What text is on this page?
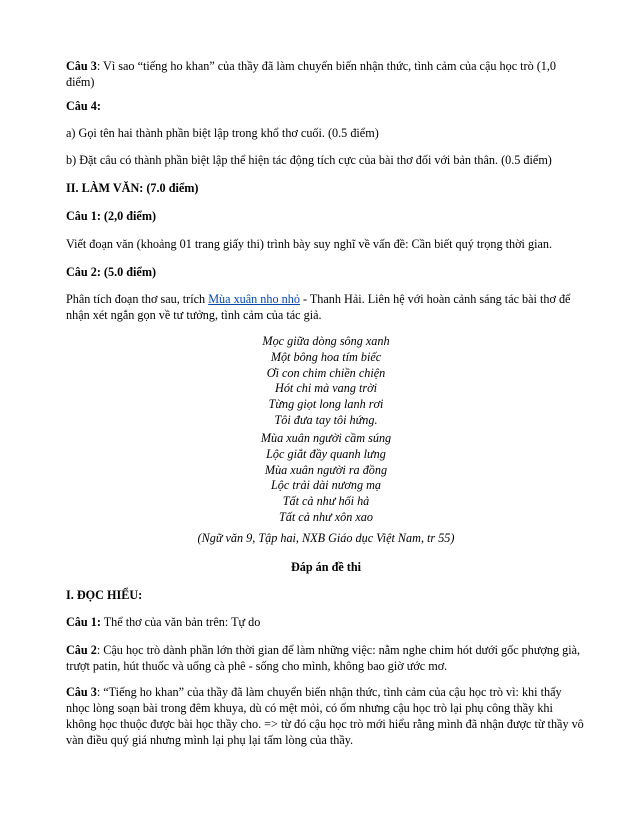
Câu 3: Vì sao “tiếng ho khan” của thầy đã làm chuyển biến nhận thức, tình cảm của cậu học trò (1,0 điểm)

Câu 4:

a) Gọi tên hai thành phần biệt lập trong khổ thơ cuối. (0.5 điểm)

b) Đặt câu có thành phần biệt lập thể hiện tác động tích cực của bài thơ đối với bản thân. (0.5 điểm)

II. LÀM VĂN: (7.0 điểm)

Câu 1: (2,0 điểm)

Viết đoạn văn (khoảng 01 trang giấy thi) trình bày suy nghĩ về vấn đề: Cần biết quý trọng thời gian.

Câu 2: (5.0 điểm)

Phân tích đoạn thơ sau, trích Mùa xuân nho nhỏ - Thanh Hải. Liên hệ với hoàn cảnh sáng tác bài thơ để nhận xét ngắn gọn về tư tưởng, tình cảm của tác giả.

Mọc giữa dòng sông xanh
Một bông hoa tím biếc
Ơi con chim chiền chiện
Hót chi mà vang trời
Từng giọt long lanh rơi
Tôi đưa tay tôi hứng.
Mùa xuân người cầm súng
Lộc giắt đầy quanh lưng
Mùa xuân người ra đồng
Lộc trải dài nương mạ
Tất cả như hối hả
Tất cả như xôn xao

(Ngữ văn 9, Tập hai, NXB Giáo dục Việt Nam, tr 55)

Đáp án đề thi

I. ĐỌC HIỂU:

Câu 1: Thể thơ của văn bản trên: Tự do

Câu 2: Cậu học trò dành phần lớn thời gian để làm những việc: nằm nghe chim hót dưới gốc phượng già, trượt patin, hút thuốc và uống cà phê - sống cho mình, không bao giờ ước mơ.

Câu 3: “Tiếng ho khan” của thầy đã làm chuyển biến nhận thức, tình cảm của cậu học trò vì: khi thấy nhọc lòng soạn bài trong đêm khuya, dù có mệt mỏi, có ốm nhưng cậu học trò lại phụ công thầy khi không học thuộc được bài học thầy cho. => từ đó cậu học trò mới hiểu rằng mình đã nhận được từ thầy vô vàn điều quý giá nhưng mình lại phụ lại tấm lòng của thầy.
